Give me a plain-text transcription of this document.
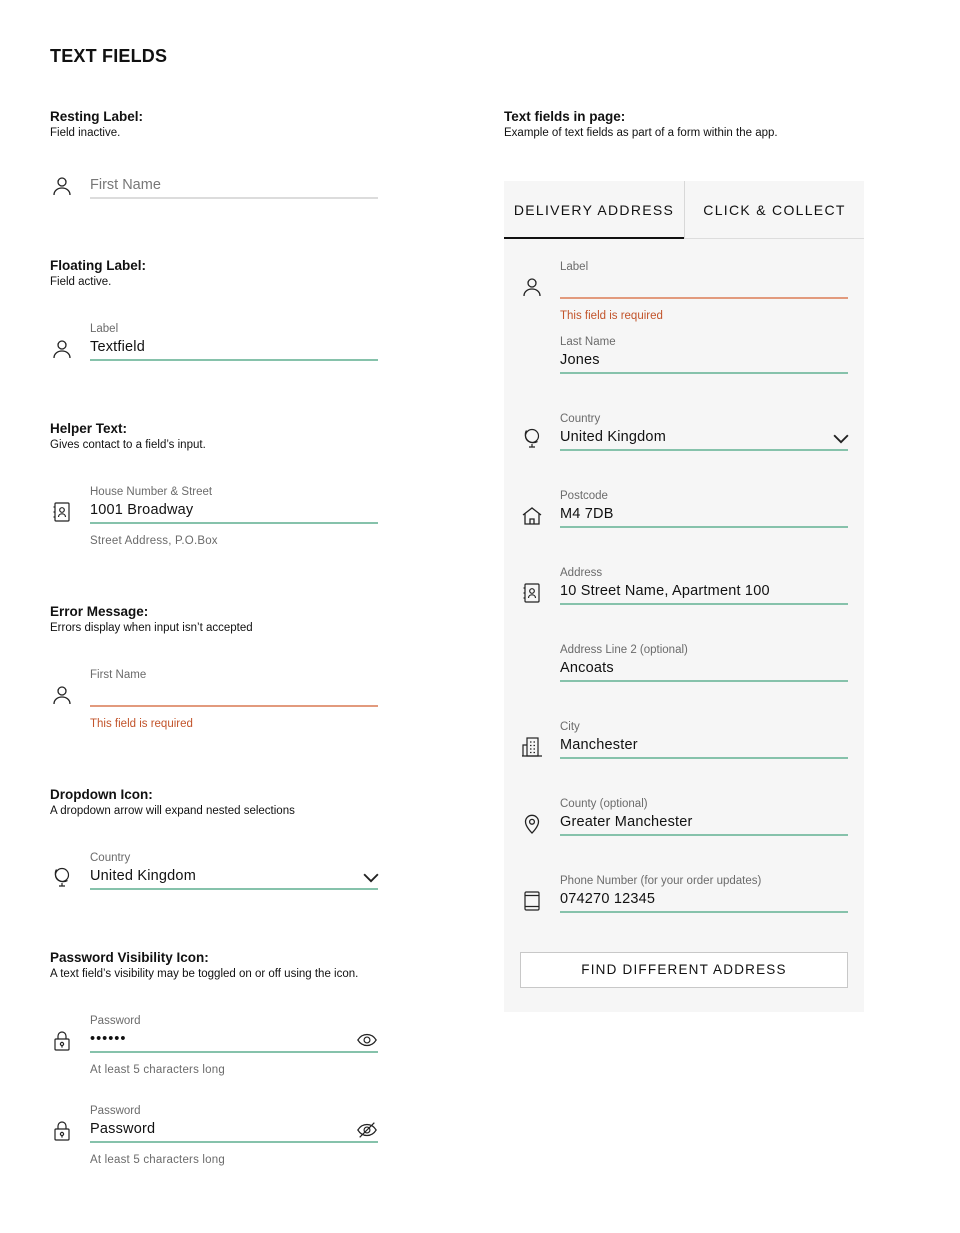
TEXT FIELDS
Resting Label:
Field inactive.
First Name
Floating Label:
Field active.
Label
Textfield
Helper Text:
Gives contact to a field’s input.
House Number & Street
1001 Broadway
Street Address, P.O.Box
Error Message:
Errors display when input isn’t accepted
First Name
This field is required
Dropdown Icon:
A dropdown arrow will expand nested selections
Country
United Kingdom
Password Visibility Icon:
A text field’s visibility may be toggled on or off using the icon.
Password
••••••
At least 5 characters long
Password
Password
At least 5 characters long
Text fields in page:
Example of text fields as part of a form within the app.
DELIVERY ADDRESS	CLICK & COLLECT
Label
This field is required
Last Name
Jones
Country
United Kingdom
Postcode
M4 7DB
Address
10 Street Name, Apartment 100
Address Line 2 (optional)
Ancoats
City
Manchester
County (optional)
Greater Manchester
Phone Number (for your order updates)
074270 12345
FIND DIFFERENT ADDRESS
